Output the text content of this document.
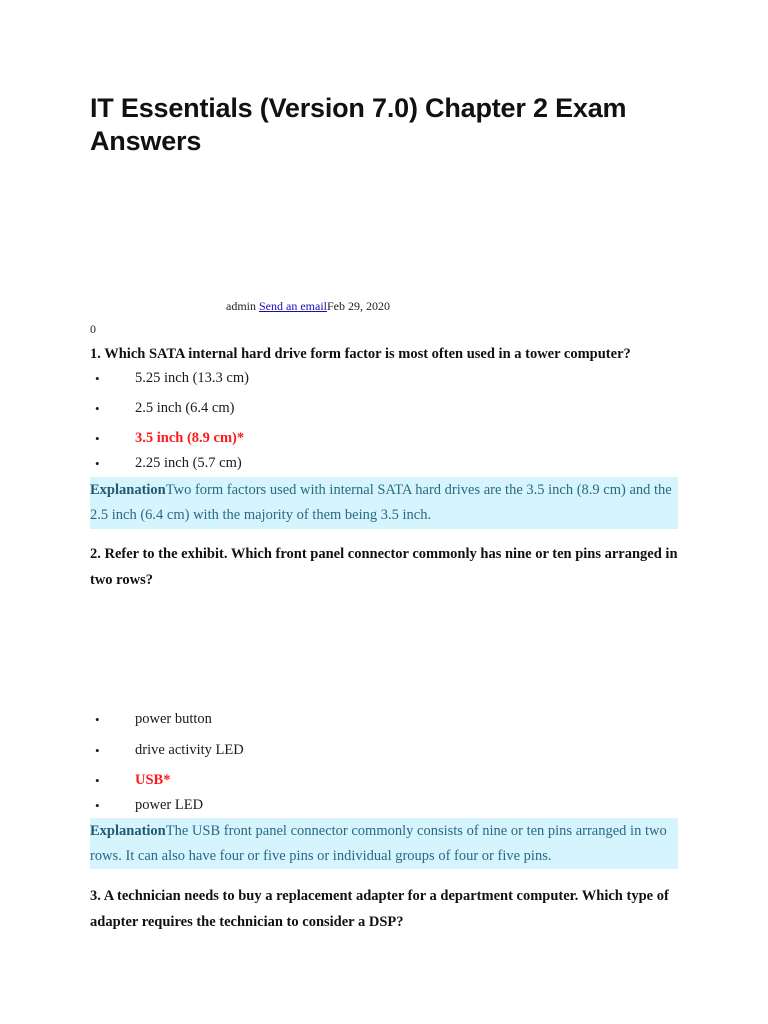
IT Essentials (Version 7.0) Chapter 2 Exam Answers
admin Send an emailFeb 29, 2020
0

1. Which SATA internal hard drive form factor is most often used in a tower computer?

• 5.25 inch (13.3 cm)
• 2.5 inch (6.4 cm)
• 3.5 inch (8.9 cm)*
• 2.25 inch (5.7 cm)
ExplanationTwo form factors used with internal SATA hard drives are the 3.5 inch (8.9 cm) and the 2.5 inch (6.4 cm) with the majority of them being 3.5 inch.

2. Refer to the exhibit. Which front panel connector commonly has nine or ten pins arranged in two rows?

• power button
• drive activity LED
• USB*
• power LED
ExplanationThe USB front panel connector commonly consists of nine or ten pins arranged in two rows. It can also have four or five pins or individual groups of four or five pins.

3. A technician needs to buy a replacement adapter for a department computer. Which type of adapter requires the technician to consider a DSP?
